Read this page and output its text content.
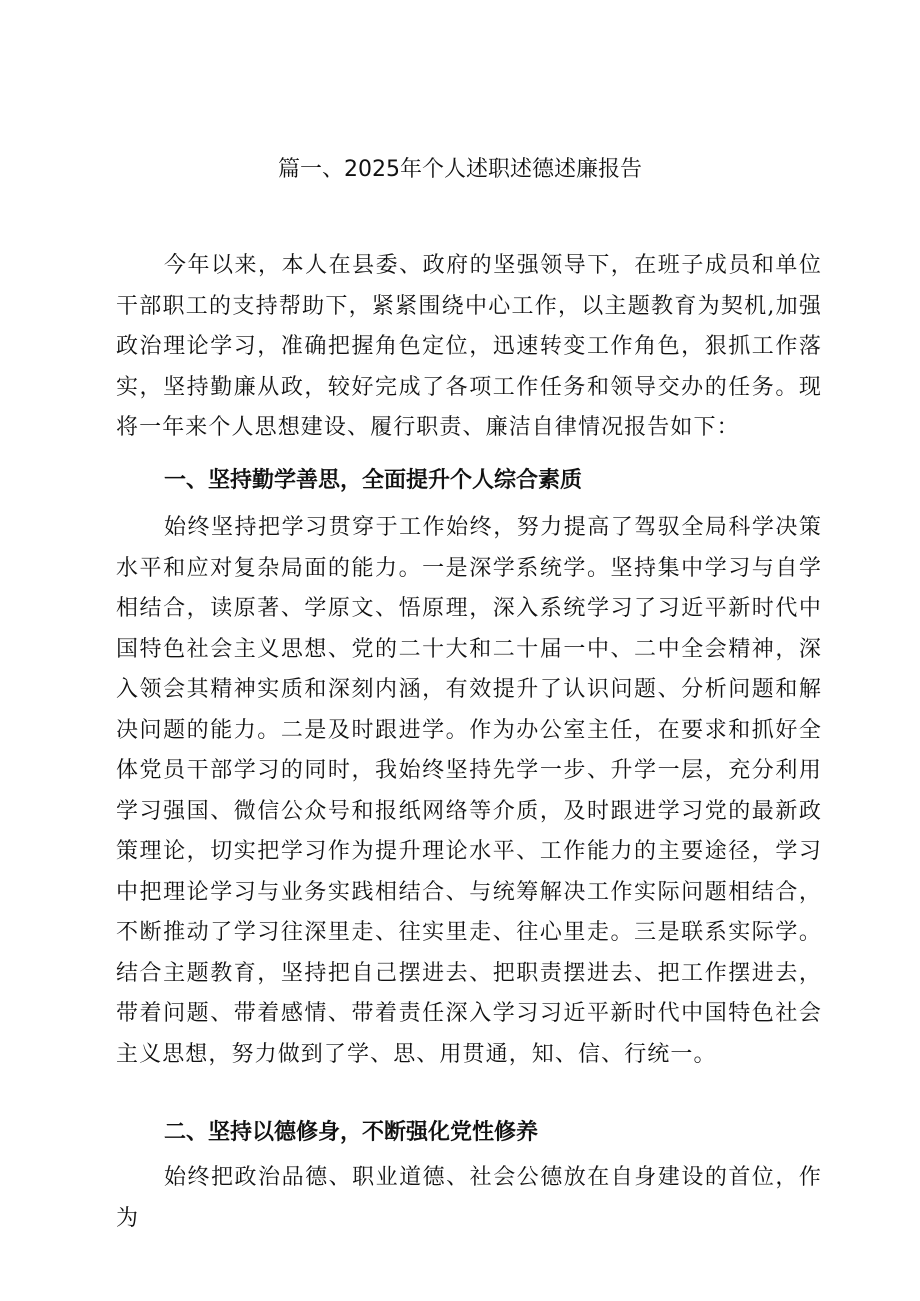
篇一、2025年个人述职述德述廉报告

今年以来，本人在县委、政府的坚强领导下，在班子成员和单位干部职工的支持帮助下，紧紧围绕中心工作，以主题教育为契机,加强政治理论学习，准确把握角色定位，迅速转变工作角色，狠抓工作落实，坚持勤廉从政，较好完成了各项工作任务和领导交办的任务。现将一年来个人思想建设、履行职责、廉洁自律情况报告如下：

一、坚持勤学善思，全面提升个人综合素质

始终坚持把学习贯穿于工作始终，努力提高了驾驭全局科学决策水平和应对复杂局面的能力。一是深学系统学。坚持集中学习与自学相结合，读原著、学原文、悟原理，深入系统学习了习近平新时代中国特色社会主义思想、党的二十大和二十届一中、二中全会精神，深入领会其精神实质和深刻内涵，有效提升了认识问题、分析问题和解决问题的能力。二是及时跟进学。作为办公室主任，在要求和抓好全体党员干部学习的同时，我始终坚持先学一步、升学一层，充分利用学习强国、微信公众号和报纸网络等介质，及时跟进学习党的最新政策理论，切实把学习作为提升理论水平、工作能力的主要途径，学习中把理论学习与业务实践相结合、与统筹解决工作实际问题相结合，不断推动了学习往深里走、往实里走、往心里走。三是联系实际学。结合主题教育，坚持把自己摆进去、把职责摆进去、把工作摆进去，带着问题、带着感情、带着责任深入学习习近平新时代中国特色社会主义思想，努力做到了学、思、用贯通，知、信、行统一。

二、坚持以德修身，不断强化党性修养

始终把政治品德、职业道德、社会公德放在自身建设的首位，作为
